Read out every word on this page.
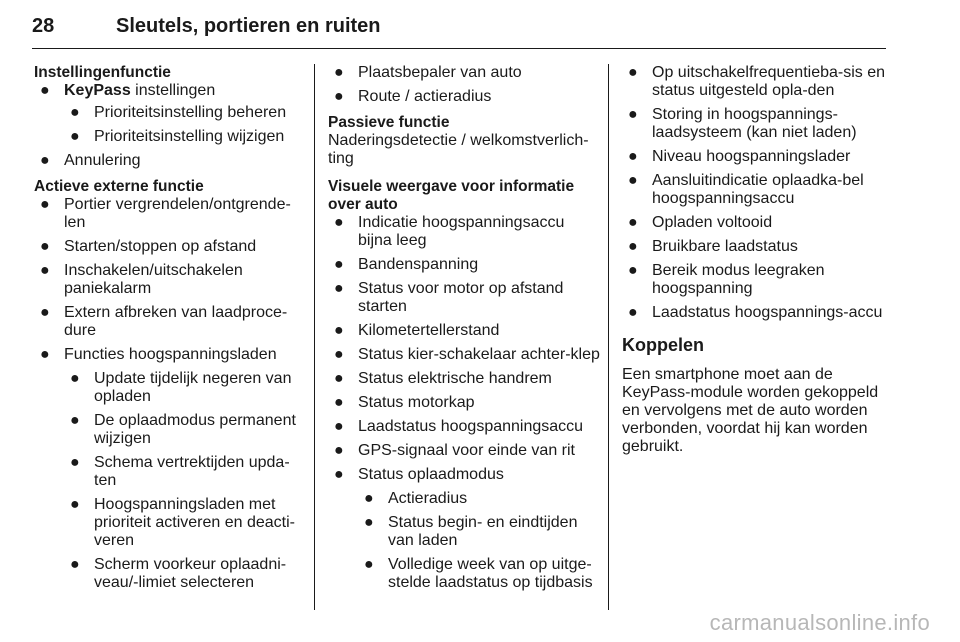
28	Sleutels, portieren en ruiten
Instellingenfunctie
● KeyPass instellingen
● Prioriteitsinstelling beheren
● Prioriteitsinstelling wijzigen
● Annulering
Actieve externe functie
● Portier vergrendelen/ontgrende-len
● Starten/stoppen op afstand
● Inschakelen/uitschakelen paniekalarm
● Extern afbreken van laadproce-dure
● Functies hoogspanningsladen
● Update tijdelijk negeren van opladen
● De oplaadmodus permanent wijzigen
● Schema vertrektijden upda-ten
● Hoogspanningsladen met prioriteit activeren en deacti-veren
● Scherm voorkeur oplaadni-veau/-limiet selecteren
● Plaatsbepaler van auto
● Route / actieradius
Passieve functie
Naderingsdetectie / welkomstverlich-ting
Visuele weergave voor informatie over auto
● Indicatie hoogspanningsaccu bijna leeg
● Bandenspanning
● Status voor motor op afstand starten
● Kilometertellerstand
● Status kier-schakelaar achter-klep
● Status elektrische handrem
● Status motorkap
● Laadstatus hoogspanningsaccu
● GPS-signaal voor einde van rit
● Status oplaadmodus
● Actieradius
● Status begin- en eindtijden van laden
● Volledige week van op uitge-stelde laadstatus op tijdbasis
● Op uitschakelfrequentieba-sis en status uitgesteld opla-den
● Storing in hoogspannings-laadsysteem (kan niet laden)
● Niveau hoogspanningslader
● Aansluitindicatie oplaadka-bel hoogspanningsaccu
● Opladen voltooid
● Bruikbare laadstatus
● Bereik modus leegraken hoogspanning
● Laadstatus hoogspannings-accu
Koppelen
Een smartphone moet aan de KeyPass-module worden gekoppeld en vervolgens met de auto worden verbonden, voordat hij kan worden gebruikt.
carmanualsonline.info
